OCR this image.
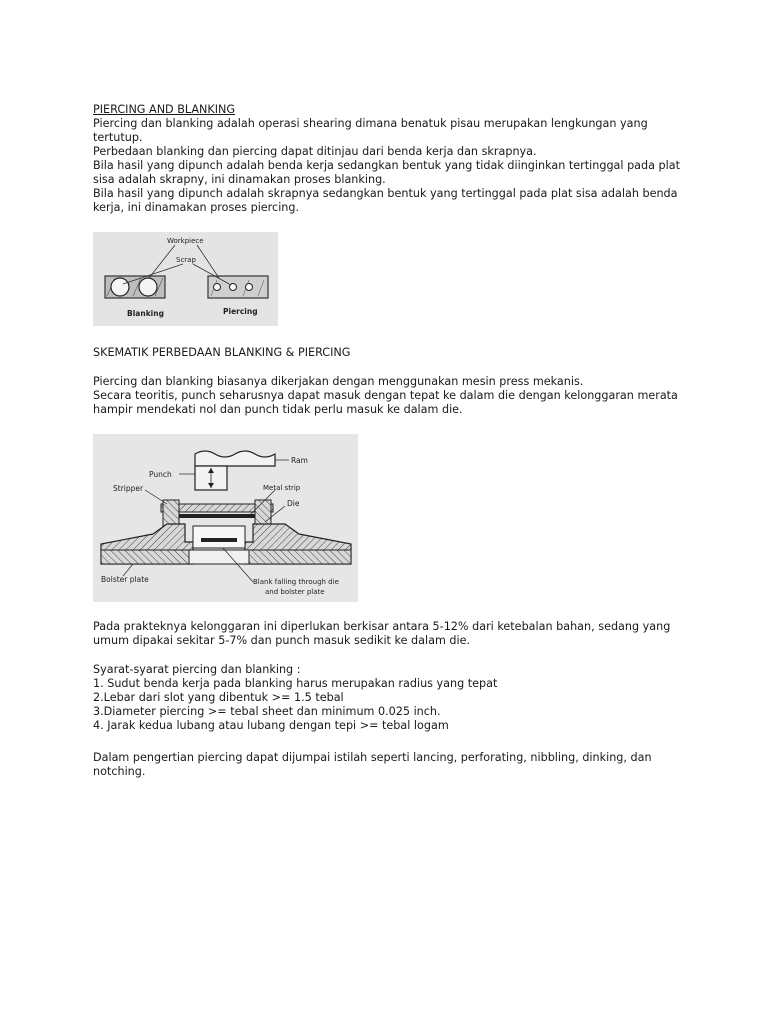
PIERCING AND BLANKING

Piercing dan blanking adalah operasi shearing dimana benatuk pisau merupakan lengkungan yang

tertutup.

Perbedaan blanking dan piercing dapat ditinjau dari benda kerja dan skrapnya.

Bila hasil yang dipunch adalah benda kerja sedangkan bentuk yang tidak diinginkan tertinggal pada plat

sisa adalah skrapny, ini dinamakan proses blanking.

Bila hasil yang dipunch adalah skrapnya sedangkan bentuk yang tertinggal pada plat sisa adalah benda

kerja, ini dinamakan proses piercing.

Workpiece
Scrap
Blanking	Piercing

SKEMATIK PERBEDAAN BLANKING & PIERCING

Piercing dan blanking biasanya dikerjakan dengan menggunakan mesin press mekanis.

Secara teoritis, punch seharusnya dapat masuk dengan tepat ke dalam die dengan kelonggaran merata

hampir mendekati nol dan punch tidak perlu masuk ke dalam die.

Ram
Punch
Stripper	Metal strip
Die
Bolster plate	Blank falling through die
and bolster plate

Pada prakteknya kelonggaran ini diperlukan berkisar antara 5-12% dari ketebalan bahan, sedang yang

umum dipakai sekitar 5-7% dan punch masuk sedikit ke dalam die.

Syarat-syarat piercing dan blanking :

1. Sudut benda kerja pada blanking harus merupakan radius yang tepat

2.Lebar dari slot yang dibentuk >= 1.5 tebal

3.Diameter piercing >= tebal sheet dan minimum 0.025 inch.

4. Jarak kedua lubang atau lubang dengan tepi >= tebal logam

Dalam pengertian piercing dapat dijumpai istilah seperti lancing, perforating, nibbling, dinking, dan

notching.
